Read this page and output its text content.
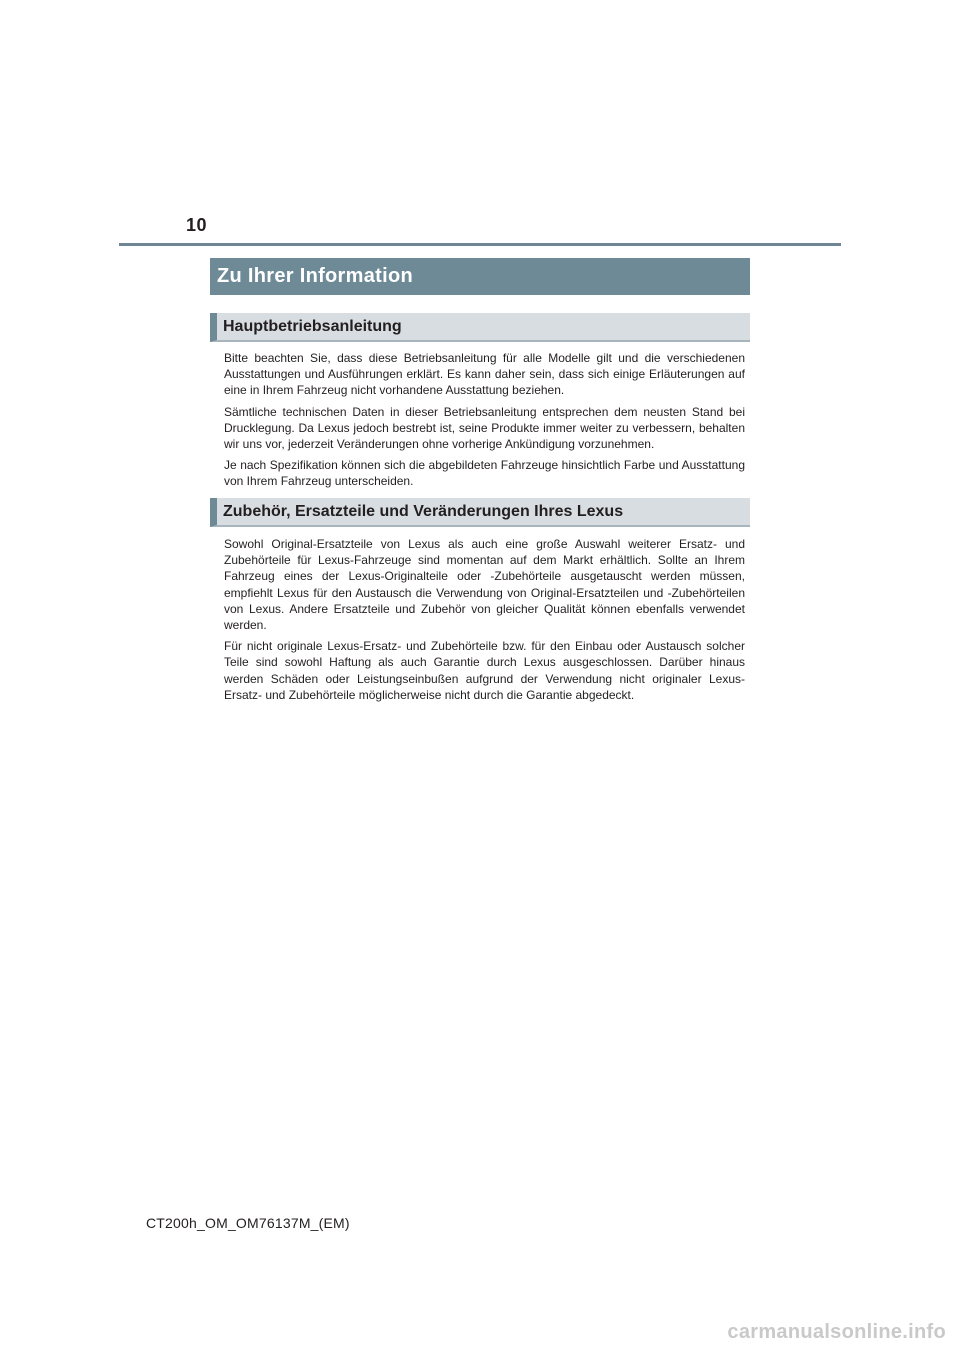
10
Zu Ihrer Information
Hauptbetriebsanleitung

Bitte beachten Sie, dass diese Betriebsanleitung für alle Modelle gilt und die verschiedenen Ausstattungen und Ausführungen erklärt. Es kann daher sein, dass sich einige Erläuterungen auf eine in Ihrem Fahrzeug nicht vorhandene Ausstattung beziehen.

Sämtliche technischen Daten in dieser Betriebsanleitung entsprechen dem neusten Stand bei Drucklegung. Da Lexus jedoch bestrebt ist, seine Produkte immer weiter zu verbessern, behalten wir uns vor, jederzeit Veränderungen ohne vorherige Ankündigung vorzunehmen.

Je nach Spezifikation können sich die abgebildeten Fahrzeuge hinsichtlich Farbe und Ausstattung von Ihrem Fahrzeug unterscheiden.

Zubehör, Ersatzteile und Veränderungen Ihres Lexus

Sowohl Original-Ersatzteile von Lexus als auch eine große Auswahl weiterer Ersatz- und Zubehörteile für Lexus-Fahrzeuge sind momentan auf dem Markt erhältlich. Sollte an Ihrem Fahrzeug eines der Lexus-Originalteile oder -Zubehörteile ausgetauscht werden müssen, empfiehlt Lexus für den Austausch die Verwendung von Original-Ersatzteilen und -Zubehörteilen von Lexus. Andere Ersatzteile und Zubehör von gleicher Qualität können ebenfalls verwendet werden.

Für nicht originale Lexus-Ersatz- und Zubehörteile bzw. für den Einbau oder Austausch solcher Teile sind sowohl Haftung als auch Garantie durch Lexus ausgeschlossen. Darüber hinaus werden Schäden oder Leistungseinbußen aufgrund der Verwendung nicht originaler Lexus-Ersatz- und Zubehörteile möglicherweise nicht durch die Garantie abgedeckt.

CT200h_OM_OM76137M_(EM)
carmanualsonline.info
